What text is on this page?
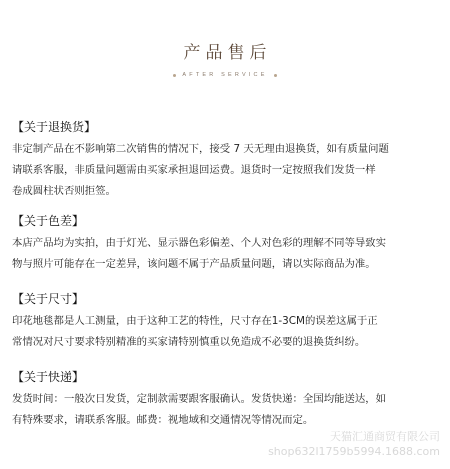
产品售后
AFTER SERVICE
【关于退换货】
非定制产品在不影响第二次销售的情况下，接受 7 天无理由退换货，如有质量问题
请联系客服，非质量问题需由买家承担退回运费。退货时一定按照我们发货一样
卷成圆柱状否则拒签。
【关于色差】
本店产品均为实拍，由于灯光、显示器色彩偏差、个人对色彩的理解不同等导致实
物与照片可能存在一定差异，该问题不属于产品质量问题，请以实际商品为准。
【关于尺寸】
印花地毯都是人工测量，由于这种工艺的特性，尺寸存在1-3CM的误差这属于正
常情况对尺寸要求特别精准的买家请特别慎重以免造成不必要的退换货纠纷。
【关于快递】
发货时间：一般次日发货，定制款需要跟客服确认。发货快递：全国均能送达，如
有特殊要求，请联系客服。邮费：视地域和交通情况等情况而定。
天猫汇通商贸有限公司
shop632l1759b5994.1688.com
